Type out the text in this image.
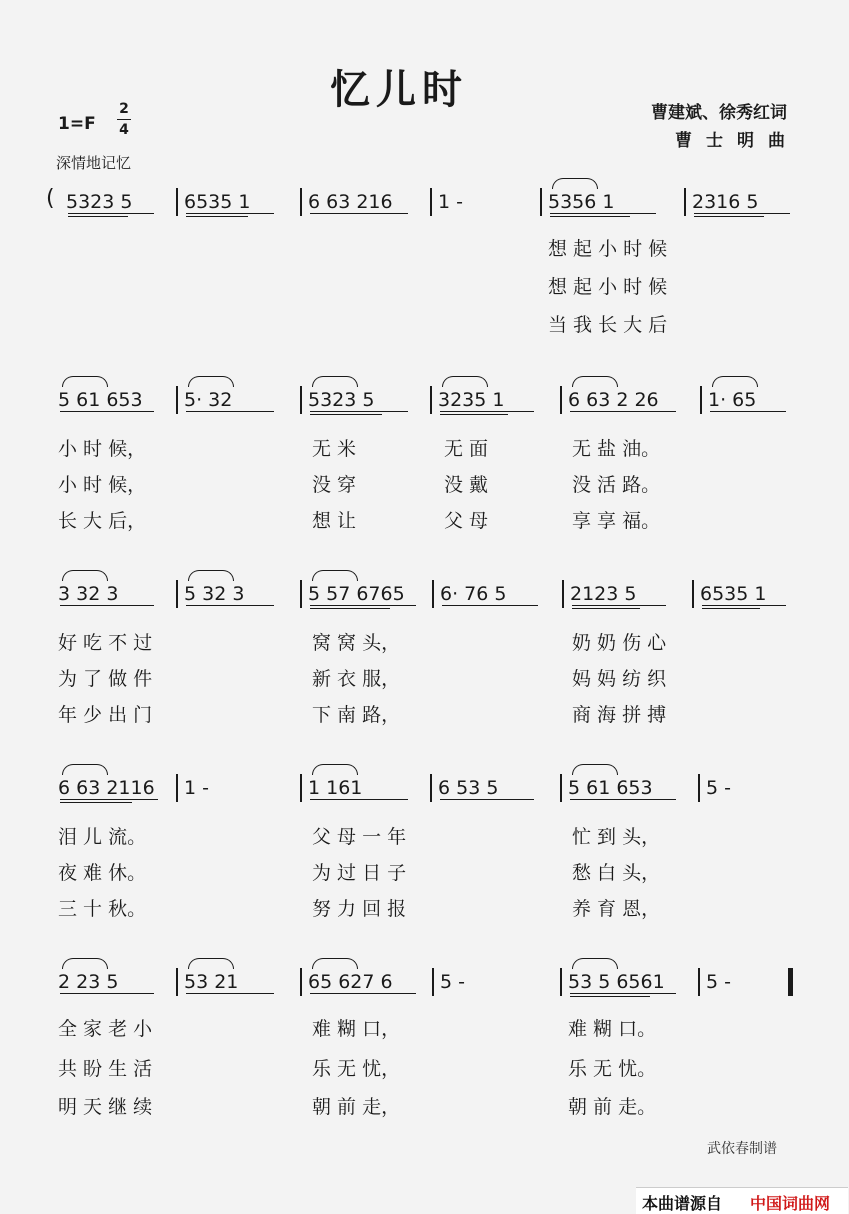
忆儿时
1=F
2
4
曹建斌、徐秀红词
曹士明曲
深情地记忆
( 5323 5	6535 1	6 63 216	1 -	5356 1	2316 5
想 起 小 时 候
想 起 小 时 候
当 我 长 大 后
5 61 653	5· 32	5323 5	3235 1	6 63 2 26	1· 65
小 时 候，	无 米	无 面	无 盐 油。
小 时 候，	没 穿	没 戴	没 活 路。
长 大 后，	想 让	父 母	享 享 福。
3 32 3	5 32 3	5 57 6765	6· 76 5	2123 5	6535 1
好 吃 不 过	窝 窝 头，	奶 奶 伤 心
为 了 做 件	新 衣 服，	妈 妈 纺 织
年 少 出 门	下 南 路，	商 海 拼 搏
6 63 2116	1 -	1 161	6 53 5	5 61 653	5 -
泪 儿 流。	父 母 一 年	忙 到 头，
夜 难 休。	为 过 日 子	愁 白 头，
三 十 秋。	努 力 回 报	养 育 恩，
2 23 5	53 21	65 627 6	5 -	53 5 6561	5 -
全 家 老 小	难 糊 口，	难 糊 口。
共 盼 生 活	乐 无 忧，	乐 无 忧。
明 天 继 续	朝 前 走，	朝 前 走。
武依春制谱
本曲谱源自 中国词曲网
